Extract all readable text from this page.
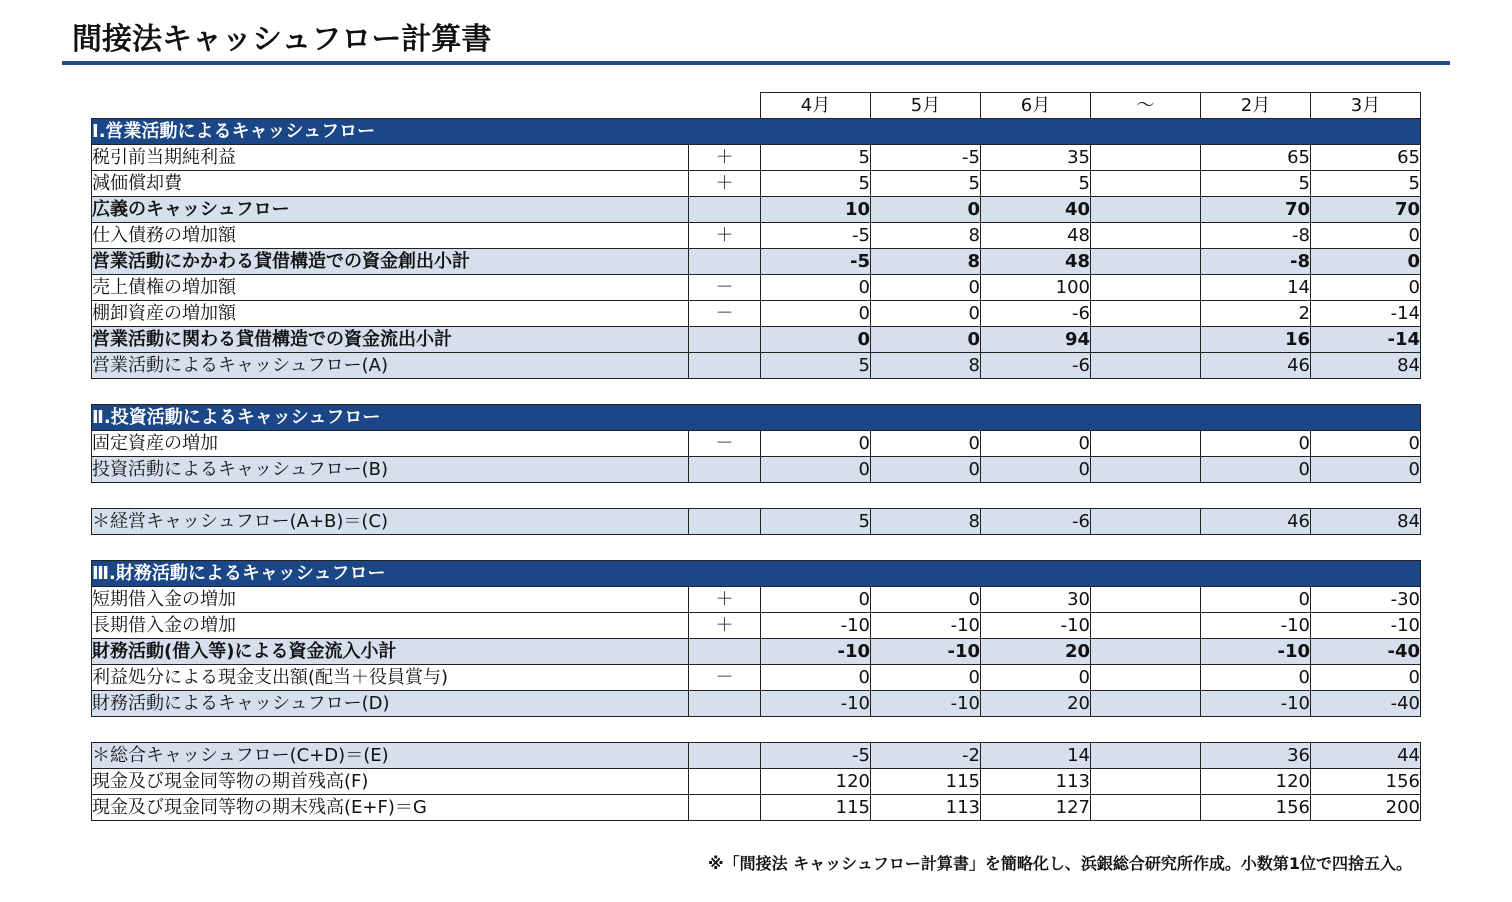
間接法キャッシュフロー計算書
		4月	5月	6月	～	2月	3月
Ⅰ.営業活動によるキャッシュフロー							
税引前当期純利益	＋	5	-5	35		65	65
減価償却費	＋	5	5	5		5	5
広義のキャッシュフロー		10	0	40		70	70
仕入債務の増加額	＋	-5	8	48		-8	0
営業活動にかかわる貸借構造での資金創出小計		-5	8	48		-8	0
売上債権の増加額	－	0	0	100		14	0
棚卸資産の増加額	－	0	0	-6		2	-14
営業活動に関わる貸借構造での資金流出小計		0	0	94		16	-14
営業活動によるキャッシュフロー(A)		5	8	-6		46	84

Ⅱ.投資活動によるキャッシュフロー							
固定資産の増加	－	0	0	0		0	0
投資活動によるキャッシュフロー(B)		0	0	0		0	0

＊経営キャッシュフロー(A+B)＝(C)		5	8	-6		46	84

Ⅲ.財務活動によるキャッシュフロー							
短期借入金の増加	＋	0	0	30		0	-30
長期借入金の増加	＋	-10	-10	-10		-10	-10
財務活動(借入等)による資金流入小計		-10	-10	20		-10	-40
利益処分による現金支出額(配当＋役員賞与)	－	0	0	0		0	0
財務活動によるキャッシュフロー(D)		-10	-10	20		-10	-40

＊総合キャッシュフロー(C+D)＝(E)		-5	-2	14		36	44
現金及び現金同等物の期首残高(F)		120	115	113		120	156
現金及び現金同等物の期末残高(E+F)＝G		115	113	127		156	200
※「間接法 キャッシュフロー計算書」を簡略化し、浜銀総合研究所作成。小数第1位で四捨五入。
